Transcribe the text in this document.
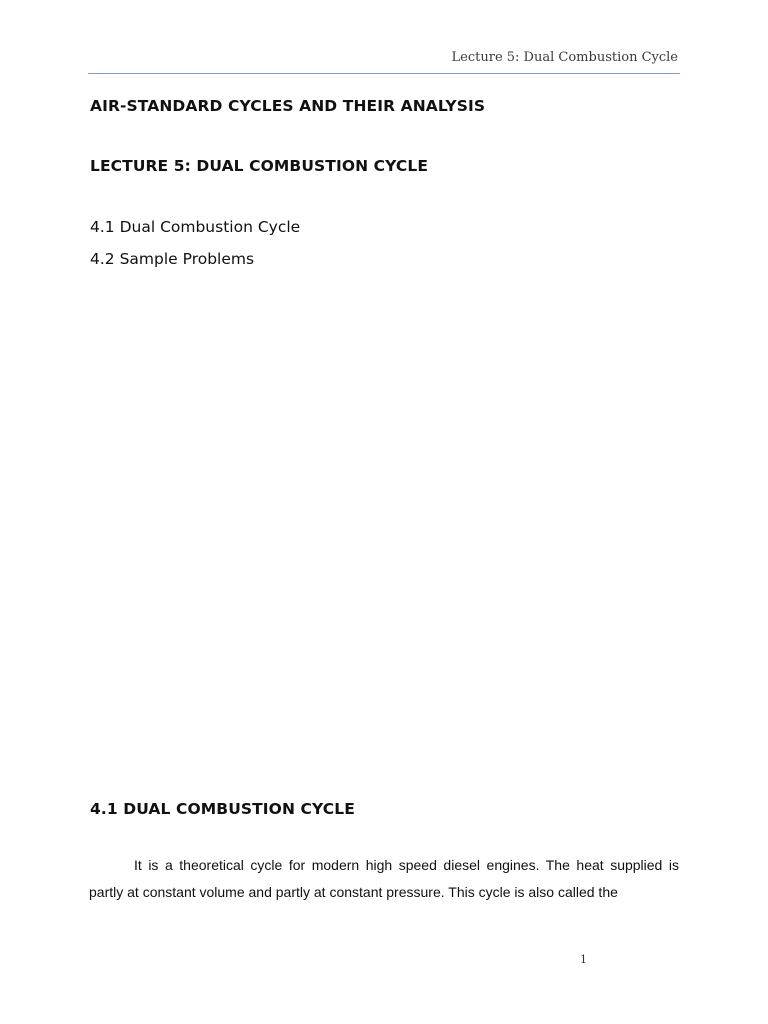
Lecture 5: Dual Combustion Cycle
AIR-STANDARD CYCLES AND THEIR ANALYSIS
LECTURE 5: DUAL COMBUSTION CYCLE
4.1 Dual Combustion Cycle
4.2 Sample Problems
4.1 DUAL COMBUSTION CYCLE

It is a theoretical cycle for modern high speed diesel engines. The heat supplied is partly at constant volume and partly at constant pressure. This cycle is also called the

1
